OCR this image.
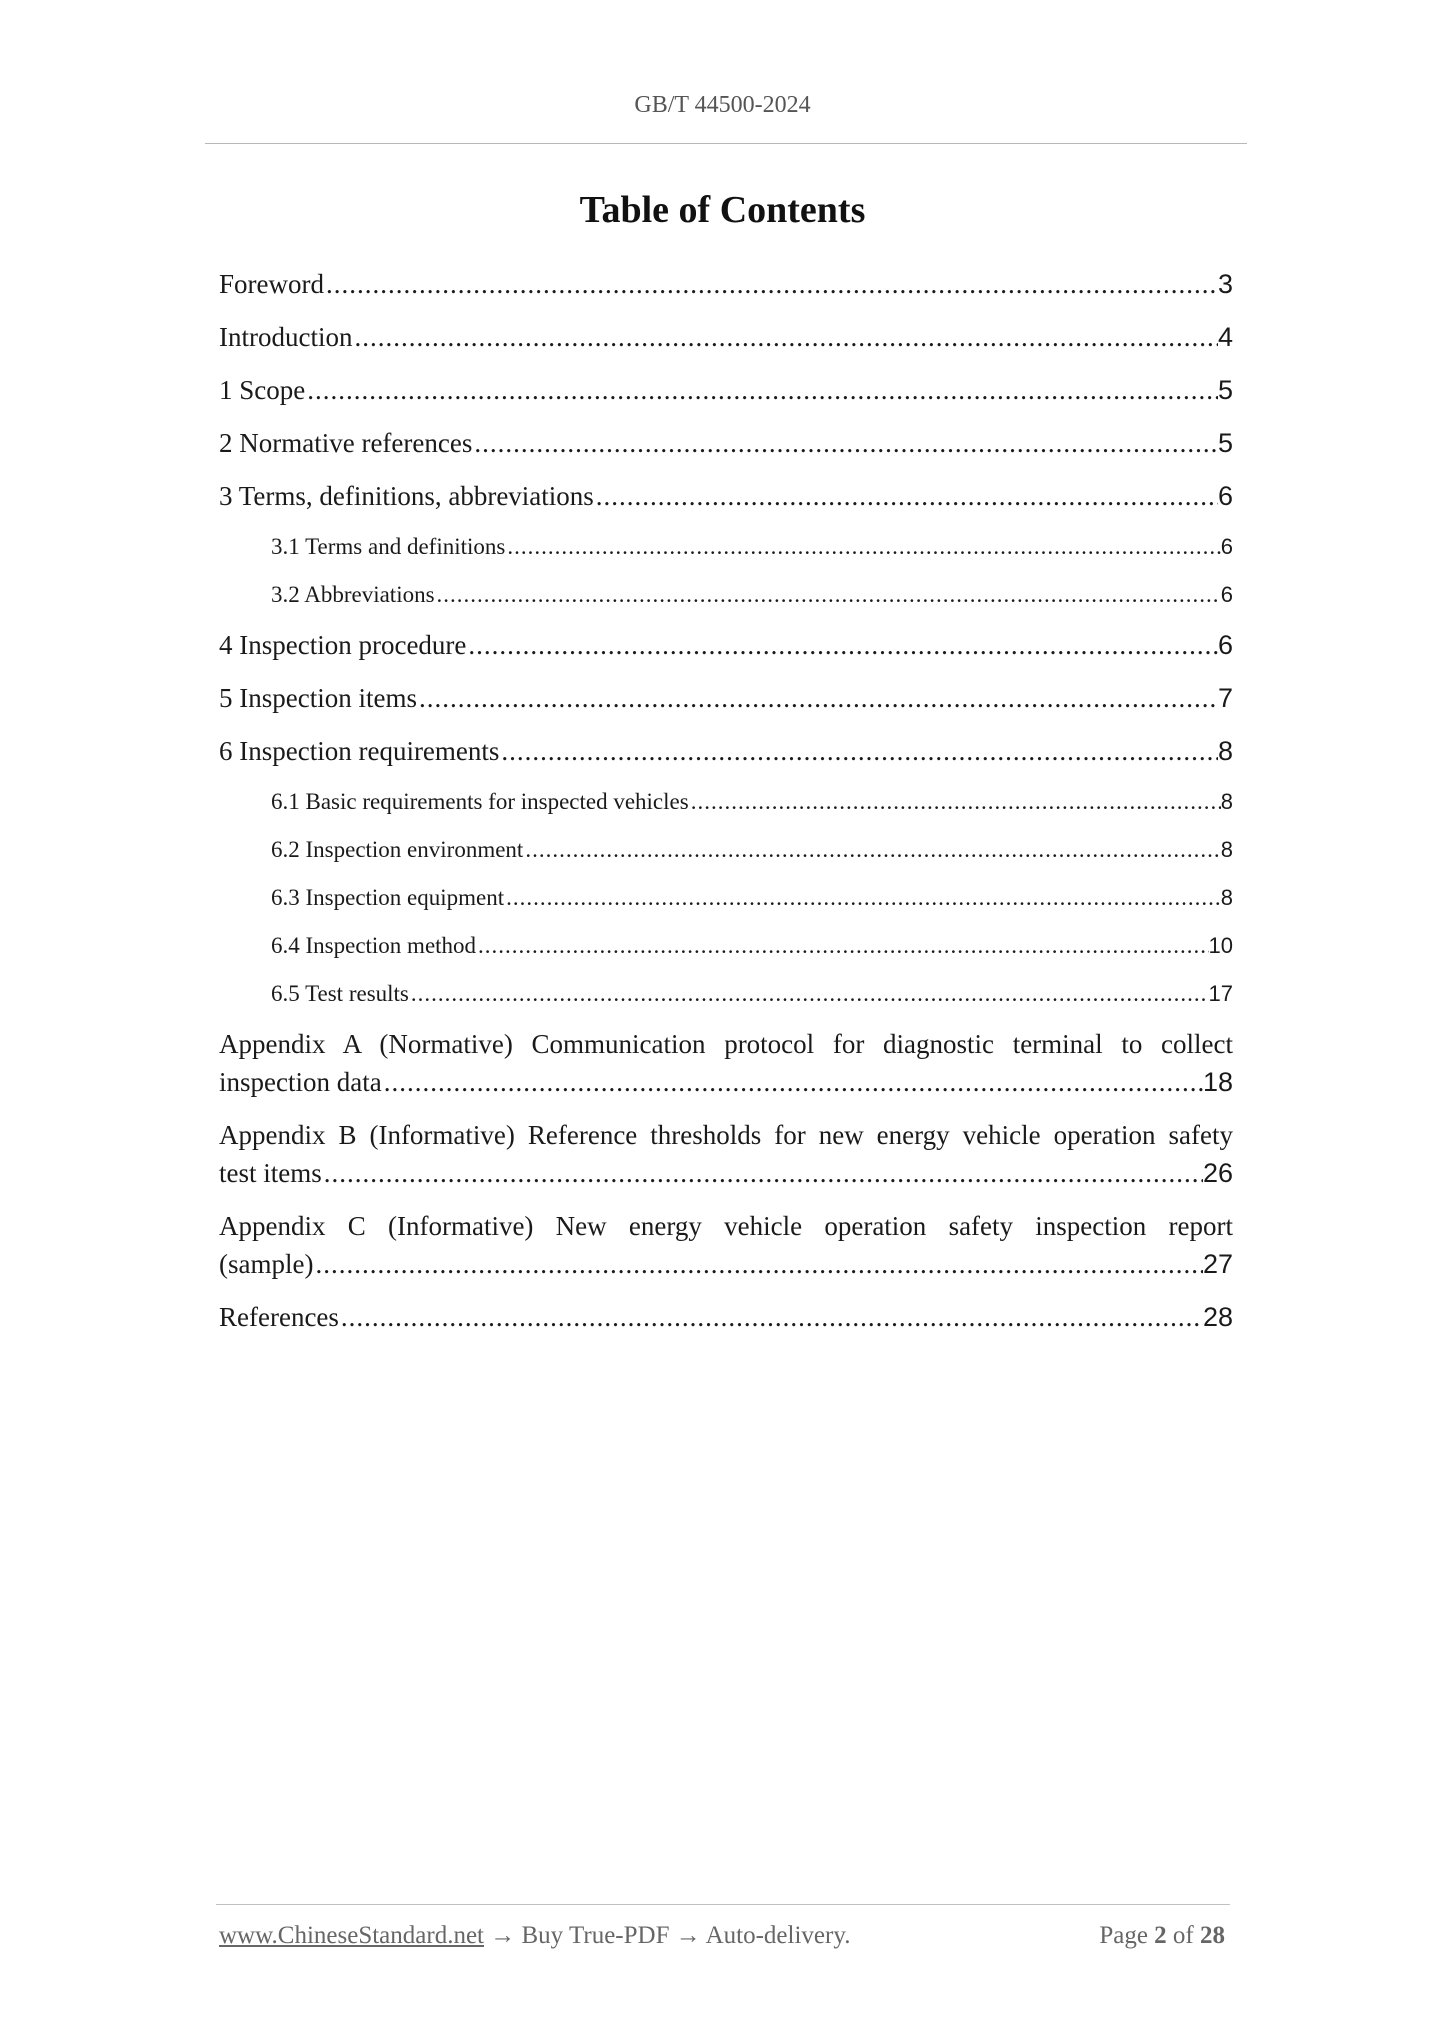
GB/T 44500-2024
Table of Contents
Foreword .....	3
Introduction .....	4
1 Scope .....	5
2 Normative references .....	5
3 Terms, definitions, abbreviations .....	6
3.1 Terms and definitions .....	6
3.2 Abbreviations .....	6
4 Inspection procedure .....	6
5 Inspection items .....	7
6 Inspection requirements .....	8
6.1 Basic requirements for inspected vehicles .....	8
6.2 Inspection environment .....	8
6.3 Inspection equipment .....	8
6.4 Inspection method .....	10
6.5 Test results .....	17
Appendix A (Normative) Communication protocol for diagnostic terminal to collect
inspection data .....	18
Appendix B (Informative) Reference thresholds for new energy vehicle operation safety
test items .....	26
Appendix C (Informative) New energy vehicle operation safety inspection report
(sample) .....	27
References .....	28
www.ChineseStandard.net → Buy True-PDF → Auto-delivery.	Page 2 of 28
